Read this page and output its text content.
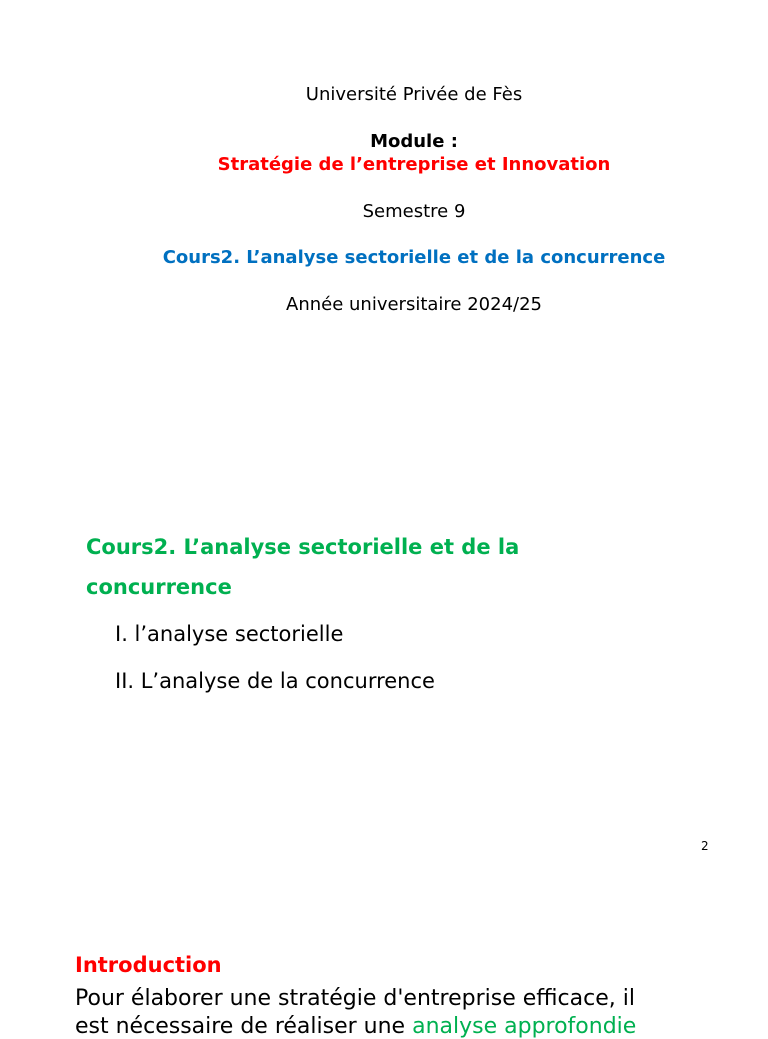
Université Privée de Fès
Module :
Stratégie de l’entreprise et Innovation
Semestre 9
Cours2. L’analyse sectorielle et de la concurrence
Année universitaire 2024/25
Cours2. L’analyse sectorielle et de la
concurrence
I. l’analyse sectorielle
II. L’analyse de la concurrence
2
Introduction
Pour élaborer une stratégie d'entreprise efficace, il
est nécessaire de réaliser une analyse approfondie
